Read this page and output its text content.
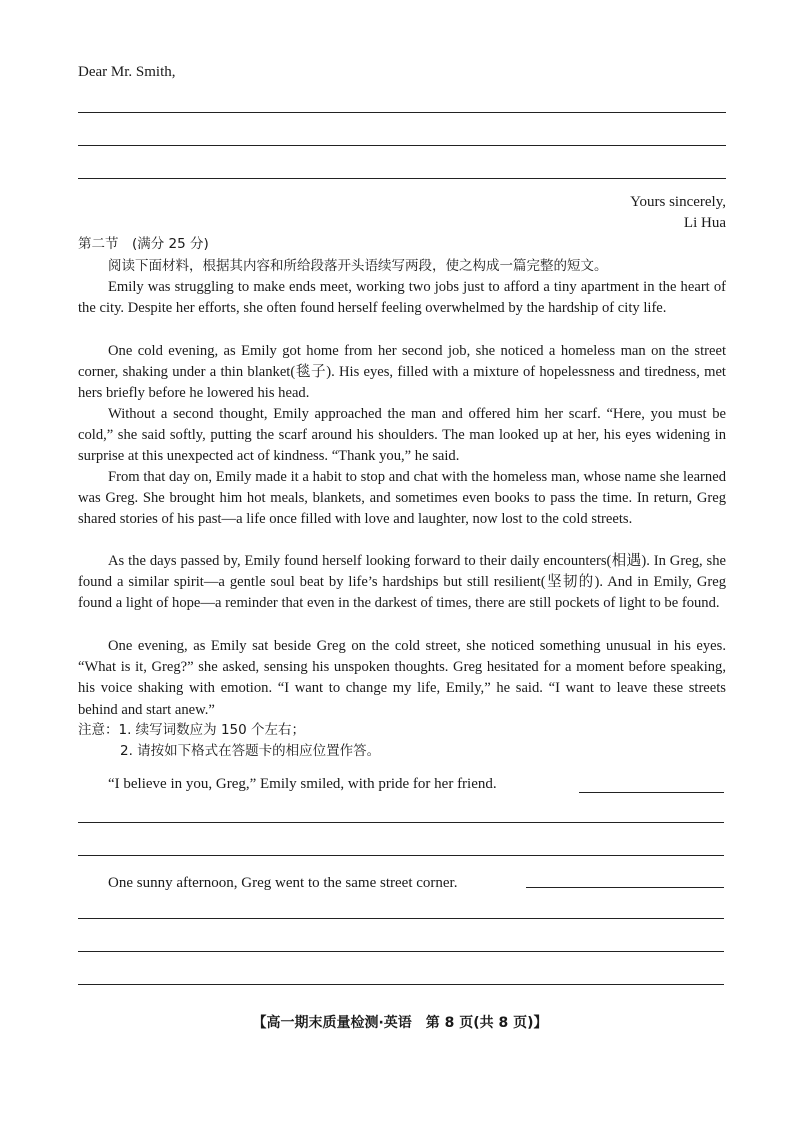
Dear Mr. Smith,
Yours sincerely,
Li Hua
第二节　(满分 25 分)
阅读下面材料，根据其内容和所给段落开头语续写两段，使之构成一篇完整的短文。
Emily was struggling to make ends meet, working two jobs just to afford a tiny apartment in the heart of the city. Despite her efforts, she often found herself feeling overwhelmed by the hardship of city life.
One cold evening, as Emily got home from her second job, she noticed a homeless man on the street corner, shaking under a thin blanket(毯子). His eyes, filled with a mixture of hopelessness and tiredness, met hers briefly before he lowered his head.
Without a second thought, Emily approached the man and offered him her scarf. “Here, you must be cold,” she said softly, putting the scarf around his shoulders. The man looked up at her, his eyes widening in surprise at this unexpected act of kindness. “Thank you,” he said.
From that day on, Emily made it a habit to stop and chat with the homeless man, whose name she learned was Greg. She brought him hot meals, blankets, and sometimes even books to pass the time. In return, Greg shared stories of his past—a life once filled with love and laughter, now lost to the cold streets.
As the days passed by, Emily found herself looking forward to their daily encounters(相遇). In Greg, she found a similar spirit—a gentle soul beat by life’s hardships but still resilient(坚韧的). And in Emily, Greg found a light of hope—a reminder that even in the darkest of times, there are still pockets of light to be found.
One evening, as Emily sat beside Greg on the cold street, she noticed something unusual in his eyes. “What is it, Greg?” she asked, sensing his unspoken thoughts. Greg hesitated for a moment before speaking, his voice shaking with emotion. “I want to change my life, Emily,” he said. “I want to leave these streets behind and start anew.”
注意：1. 续写词数应为 150 个左右；
2. 请按如下格式在答题卡的相应位置作答。
“I believe in you, Greg,” Emily smiled, with pride for her friend.
One sunny afternoon, Greg went to the same street corner.
【高一期末质量检测·英语　第 8 页(共 8 页)】
